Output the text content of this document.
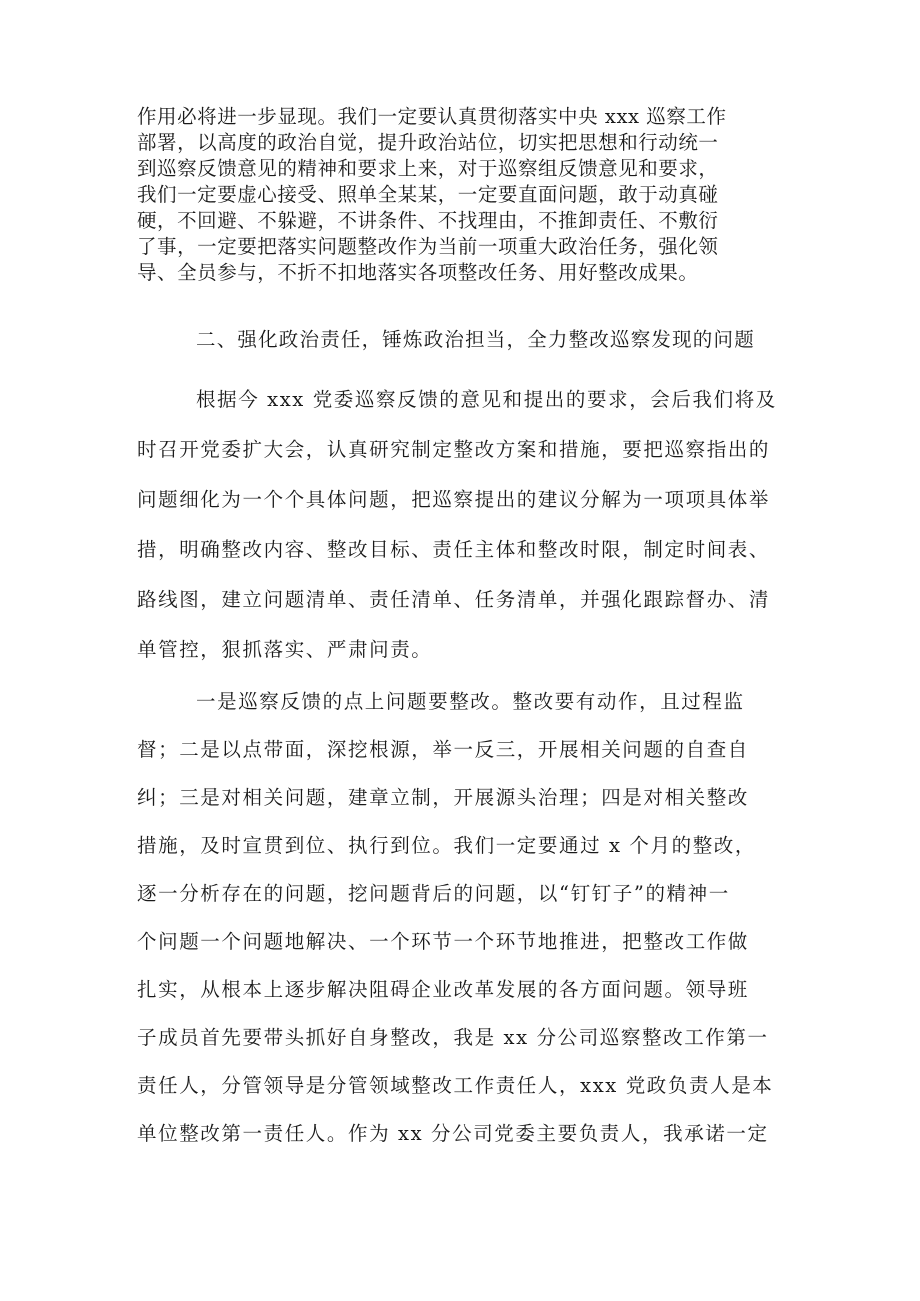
作用必将进一步显现。我们一定要认真贯彻落实中央 xxx 巡察工作
部署，以高度的政治自觉，提升政治站位，切实把思想和行动统一
到巡察反馈意见的精神和要求上来，对于巡察组反馈意见和要求，
我们一定要虚心接受、照单全某某，一定要直面问题，敢于动真碰
硬，不回避、不躲避，不讲条件、不找理由，不推卸责任、不敷衍
了事，一定要把落实问题整改作为当前一项重大政治任务，强化领
导、全员参与，不折不扣地落实各项整改任务、用好整改成果。
二、强化政治责任，锤炼政治担当，全力整改巡察发现的问题
根据今 xxx 党委巡察反馈的意见和提出的要求，会后我们将及
时召开党委扩大会，认真研究制定整改方案和措施，要把巡察指出的
问题细化为一个个具体问题，把巡察提出的建议分解为一项项具体举
措，明确整改内容、整改目标、责任主体和整改时限，制定时间表、
路线图，建立问题清单、责任清单、任务清单，并强化跟踪督办、清
单管控，狠抓落实、严肃问责。
一是巡察反馈的点上问题要整改。整改要有动作，且过程监
督；二是以点带面，深挖根源，举一反三，开展相关问题的自查自
纠；三是对相关问题，建章立制，开展源头治理；四是对相关整改
措施，及时宣贯到位、执行到位。我们一定要通过 x 个月的整改，
逐一分析存在的问题，挖问题背后的问题，以“钉钉子”的精神一
个问题一个问题地解决、一个环节一个环节地推进，把整改工作做
扎实，从根本上逐步解决阻碍企业改革发展的各方面问题。领导班
子成员首先要带头抓好自身整改，我是 xx 分公司巡察整改工作第一
责任人，分管领导是分管领域整改工作责任人，xxx 党政负责人是本
单位整改第一责任人。作为 xx 分公司党委主要负责人，我承诺一定
